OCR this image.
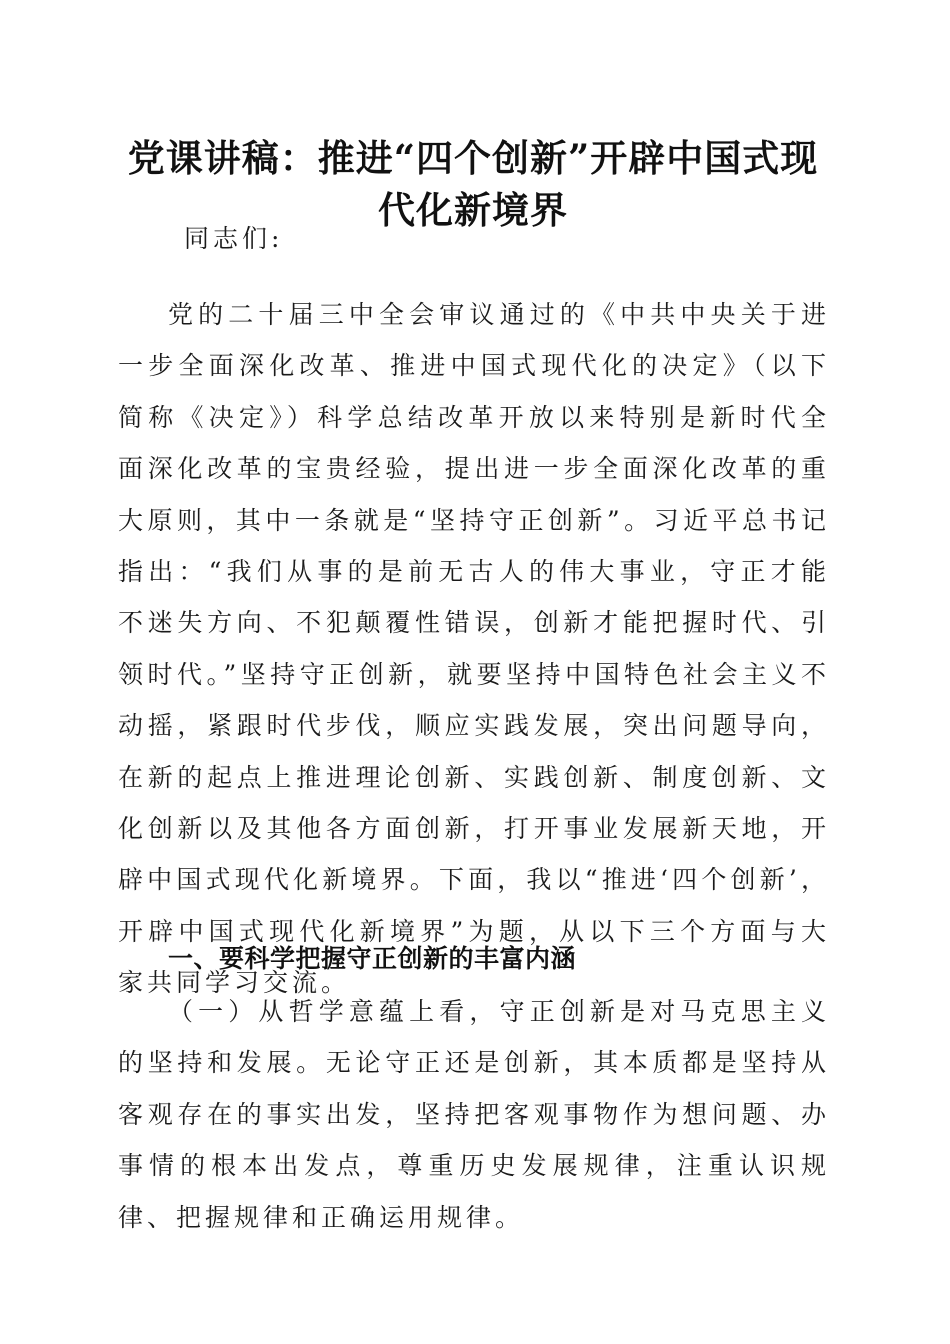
党课讲稿：推进“四个创新”开辟中国式现代化新境界

同志们:

党的二十届三中全会审议通过的《中共中央关于进一步全面深化改革、推进中国式现代化的决定》（以下简称《决定》）科学总结改革开放以来特别是新时代全面深化改革的宝贵经验，提出进一步全面深化改革的重大原则，其中一条就是“坚持守正创新”。习近平总书记指出：“我们从事的是前无古人的伟大事业，守正才能不迷失方向、不犯颠覆性错误，创新才能把握时代、引领时代。”坚持守正创新，就要坚持中国特色社会主义不动摇，紧跟时代步伐，顺应实践发展，突出问题导向，在新的起点上推进理论创新、实践创新、制度创新、文化创新以及其他各方面创新，打开事业发展新天地，开辟中国式现代化新境界。下面，我以“推进‘四个创新’，开辟中国式现代化新境界”为题，从以下三个方面与大家共同学习交流。

一、要科学把握守正创新的丰富内涵

（一）从哲学意蕴上看，守正创新是对马克思主义的坚持和发展。无论守正还是创新，其本质都是坚持从客观存在的事实出发，坚持把客观事物作为想问题、办事情的根本出发点，尊重历史发展规律，注重认识规律、把握规律和正确运用规律。
